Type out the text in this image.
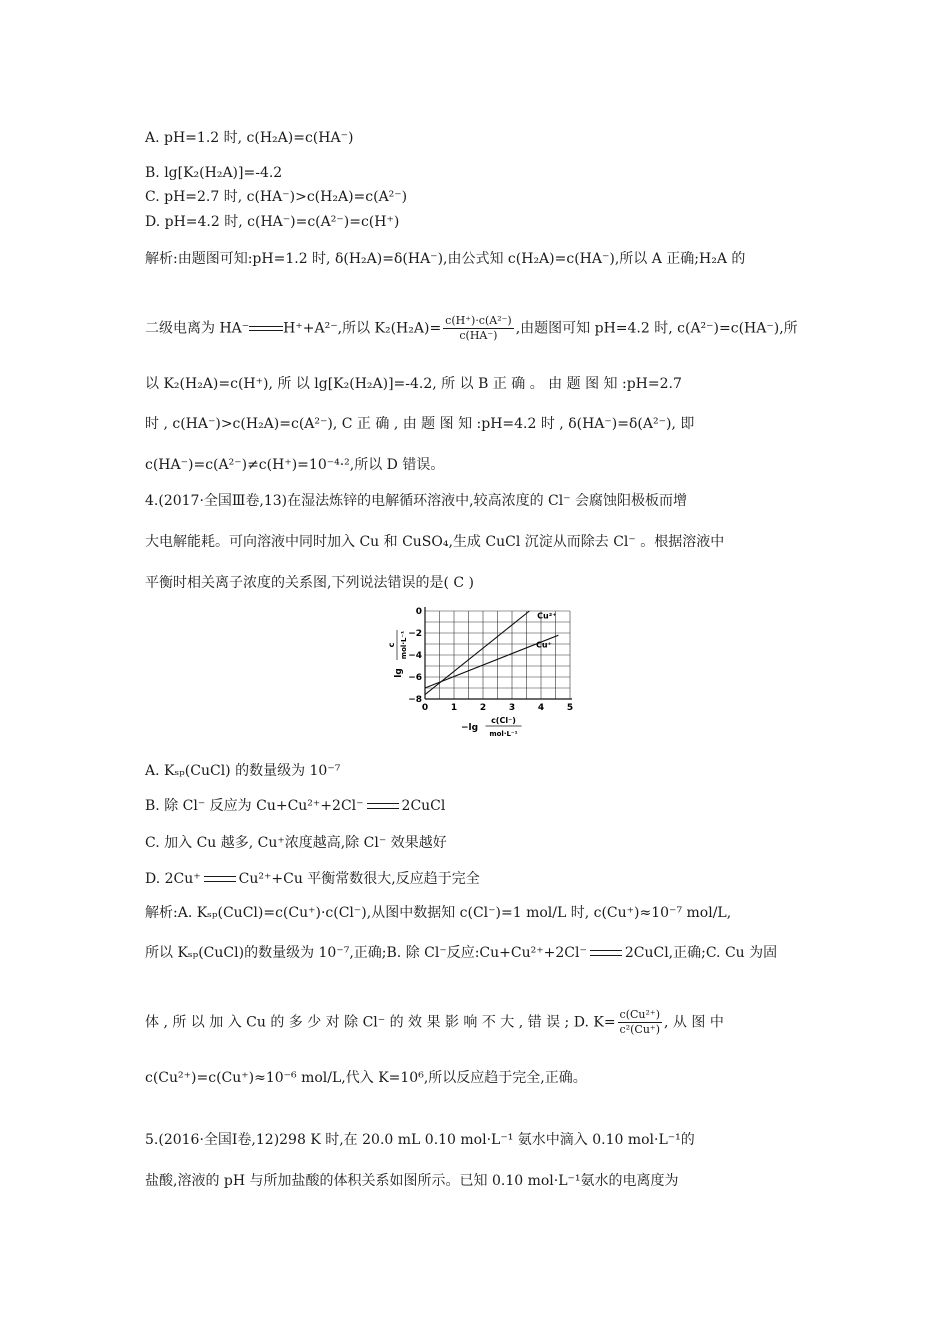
A. pH=1.2 时, c(H₂A)=c(HA⁻)
B. lg[K₂(H₂A)]=-4.2
C. pH=2.7 时, c(HA⁻)>c(H₂A)=c(A²⁻)
D. pH=4.2 时, c(HA⁻)=c(A²⁻)=c(H⁺)
解析:由题图可知:pH=1.2 时, δ(H₂A)=δ(HA⁻),由公式知 c(H₂A)=c(HA⁻),所以 A 正确;H₂A 的
二级电离为 HA⁻ H⁺+A²⁻,所以 $K_2(H_2A)= \frac{\text{c(H⁺)·c(A²⁻)}}{c(HA^-)}$ ,由题图可知 pH=4.2 时, c(A²⁻)=c(HA⁻),所
以 K₂(H₂A)=c(H⁺), 所 以 lg[K₂(H₂A)]=-4.2, 所 以 B 正 确 。 由 题 图 知 :pH=2.7
时 , c(HA⁻)>c(H₂A)=c(A²⁻), C 正 确 , 由 题 图 知 :pH=4.2 时 , δ(HA⁻)=δ(A²⁻), 即
c(HA⁻)=c(A²⁻)≠c(H⁺)=10⁻⁴·²,所以 D 错误。
4.(2017·全国Ⅲ卷,13)在湿法炼锌的电解循环溶液中,较高浓度的 Cl⁻ 会腐蚀阳极板而增
大电解能耗。可向溶液中同时加入 Cu 和 CuSO₄,生成 CuCl 沉淀从而除去 Cl⁻ 。根据溶液中
平衡时相关离子浓度的关系图,下列说法错误的是( C )
0	1	2	3	4	5
0
−2
−4
−6
−8
Cu²⁺
Cu⁺
lg
c mol·L⁻¹
−lg
c(Cl⁻)
mol·L⁻¹
A. Kₛₚ(CuCl) 的数量级为 10⁻⁷
B. 除 Cl⁻ 反应为 Cu+Cu²⁺+2Cl⁻	2CuCl
C. 加入 Cu 越多, Cu⁺浓度越高,除 Cl⁻ 效果越好
D. 2Cu⁺	Cu²⁺+Cu 平衡常数很大,反应趋于完全
解析:A. Kₛₚ(CuCl)=c(Cu⁺)·c(Cl⁻),从图中数据知 c(Cl⁻)=1 mol/L 时, c(Cu⁺)≈10⁻⁷ mol/L,
所以 Kₛₚ(CuCl)的数量级为 10⁻⁷,正确;B. 除 Cl⁻反应:Cu+Cu²⁺+2Cl⁻	2CuCl,正确;C. Cu 为固
体 , 所 以 加 入 Cu 的 多 少 对 除 Cl⁻ 的 效 果 影 响 不 大 , 错 误 ; D. $K= \frac{\text{c(Cu²⁺)}}{\text{c²(Cu⁺)}}$ , 从 图 中
c(Cu²⁺)=c(Cu⁺)≈10⁻⁶ mol/L,代入 K=10⁶,所以反应趋于完全,正确。
5.(2016·全国Ⅰ卷,12)298 K 时,在 20.0 mL 0.10 mol·L⁻¹ 氨水中滴入 0.10 mol·L⁻¹的
盐酸,溶液的 pH 与所加盐酸的体积关系如图所示。已知 0.10 mol·L⁻¹氨水的电离度为
